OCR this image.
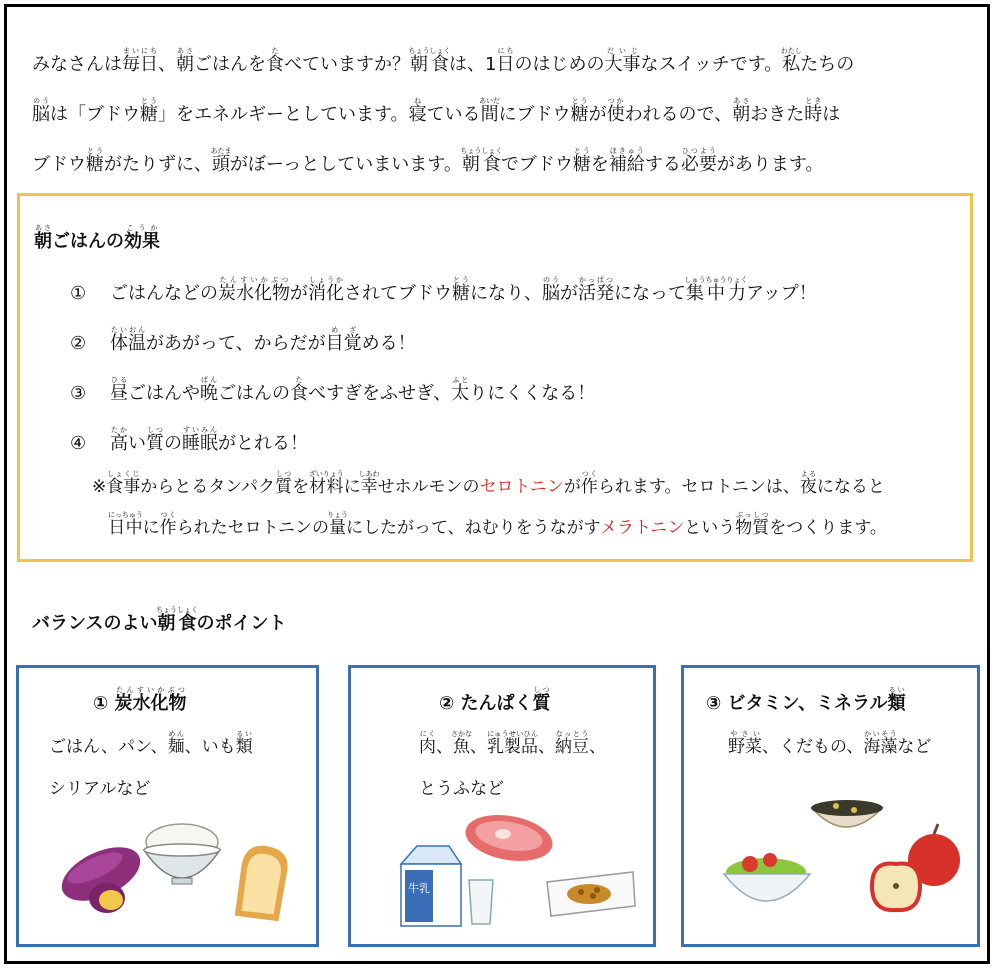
みなさんは毎日まいにち、朝あさごはんを食たべていますか？朝食ちょうしょくは、1日にちのはじめの大事だいじなスイッチです。私わたしたちの
脳のうは「ブドウ糖とう」をエネルギーとしています。寝ねている間あいだにブドウ糖とうが使つかわれるので、朝あさおきた時ときは
ブドウ糖とうがたりずに、頭あたまがぼーっとしていまいます。朝食ちょうしょくでブドウ糖とうを補給ほきゅうする必要ひつようがあります。
朝あさごはんの効果こうか
① ごはんなどの炭水化物たんすいかぶつが消化しょうかされてブドウ糖とうになり、脳のうが活発かっぱつになって集中力しゅうちゅうりょくアップ！
② 体温たいおんがあがって、からだが目覚めざめる！
③ 昼ひるごはんや晩ばんごはんの食たべすぎをふせぎ、太ふとりにくくなる！
④ 高たかい質しつの睡眠すいみんがとれる！
※食事しょくじからとるタンパク質しつを材料ざいりょうに幸しあわせホルモンのセロトニンが作つくられます。セロトニンは、夜よるになると
日中にっちゅうに作つくられたセロトニンの量りょうにしたがって、ねむりをうながすメラトニンという物質ぶっしつをつくります。
バランスのよい朝食ちょうしょくのポイント
① 炭水化物たんすいかぶつ
ごはん、パン、麺めん、いも類るい
シリアルなど
② たんぱく質しつ
肉にく、魚さかな、乳製品にゅうせいひん、納豆なっとう、
とうふなど
牛乳
③ ビタミン、ミネラル類るい
野菜やさい、くだもの、海藻かいそうなど
